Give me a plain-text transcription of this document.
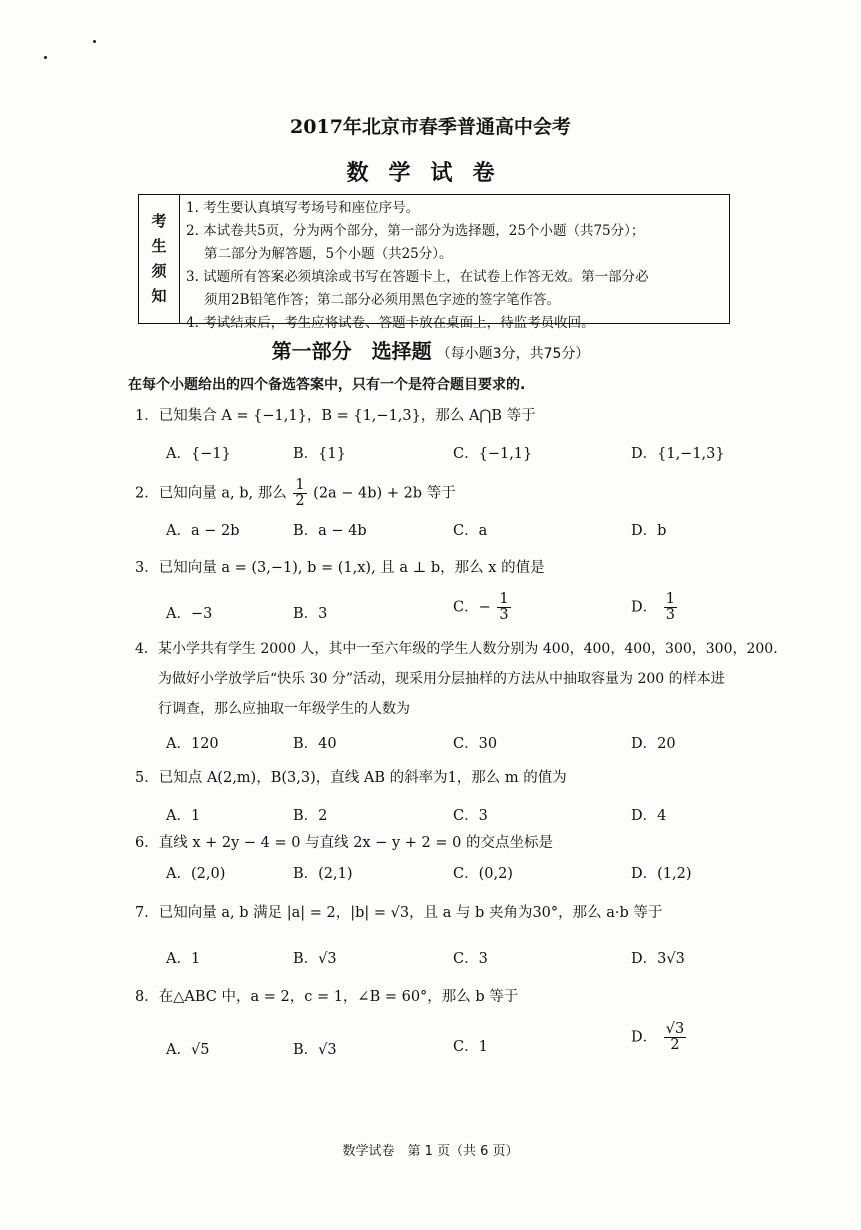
2017年北京市春季普通高中会考
数学试卷
考
生
须
知
1. 考生要认真填写考场号和座位序号。
2. 本试卷共5页，分为两个部分，第一部分为选择题，25个小题（共75分）；
第二部分为解答题，5个小题（共25分）。
3. 试题所有答案必须填涂或书写在答题卡上，在试卷上作答无效。第一部分必
须用2B铅笔作答；第二部分必须用黑色字迹的签字笔作答。
4. 考试结束后，考生应将试卷、答题卡放在桌面上，待监考员收回。
第一部分　选择题 （每小题3分，共75分）
在每个小题给出的四个备选答案中，只有一个是符合题目要求的.
1．已知集合 A = {−1,1}，B = {1,−1,3}，那么 A⋂B 等于
A．{−1}	B．{1}	C．{−1,1}	D．{1,−1,3}
2．已知向量 a, b, 那么 $\frac{1}{2} (2a - 4b) + 2b$ 等于
A．a − 2b	B．a − 4b	C．a	D．b
3．已知向量 a = (3,−1), b = (1,x), 且 a ⊥ b，那么 x 的值是
A．−3	B．3	C．− $\frac{1}{3}$	D． $\frac{1}{3}$
4．某小学共有学生 2000 人，其中一至六年级的学生人数分别为 400，400，400，300，300，200.
为做好小学放学后“快乐 30 分”活动，现采用分层抽样的方法从中抽取容量为 200 的样本进
行调查，那么应抽取一年级学生的人数为
A．120	B．40	C．30	D．20
5．已知点 A(2,m)，B(3,3)，直线 AB 的斜率为1，那么 m 的值为
A．1	B．2	C．3	D．4
6．直线 x + 2y − 4 = 0 与直线 2x − y + 2 = 0 的交点坐标是
A．(2,0)	B．(2,1)	C．(0,2)	D．(1,2)
7．已知向量 a, b 满足 |a| = 2，|b| = √3，且 a 与 b 夹角为30°，那么 a·b 等于
A．1	B．√3	C．3	D．3√3
8．在△ABC 中，a = 2，c = 1，∠B = 60°，那么 b 等于
A．√5	B．√3	C．1
D． $\frac{√3}{2}$
数学试卷　第 1 页（共 6 页）
